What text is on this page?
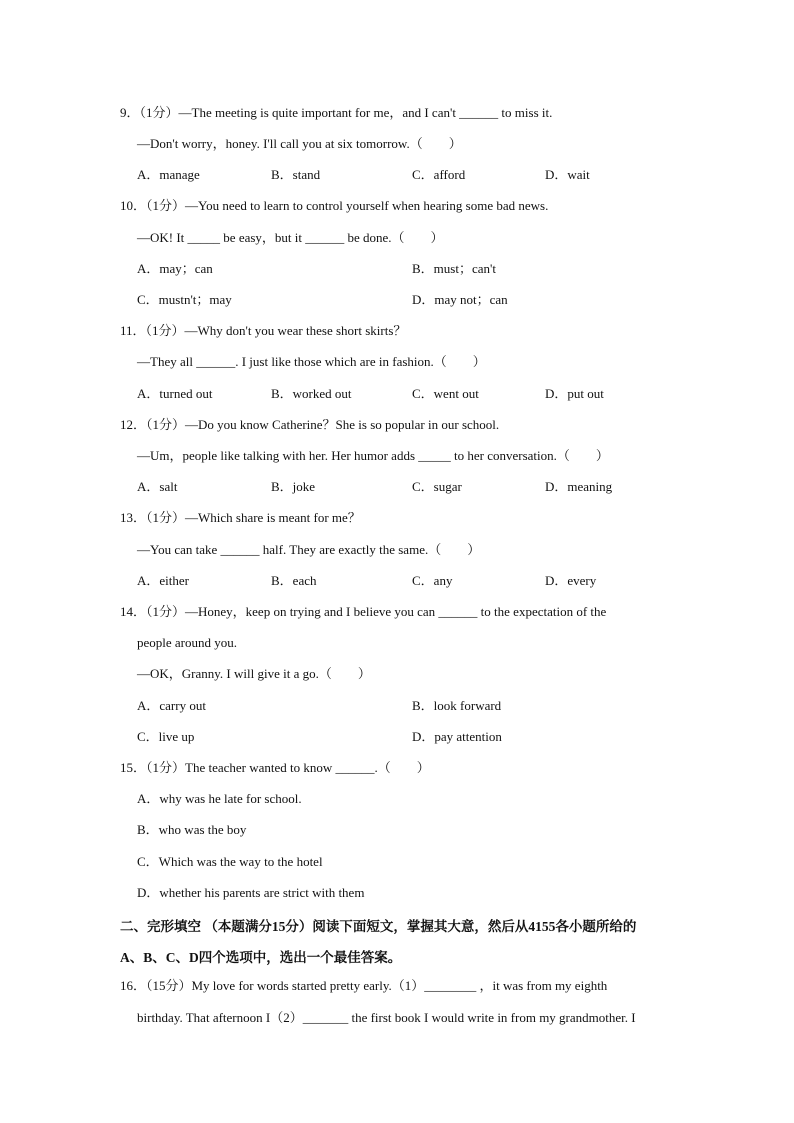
9．（1分）—The meeting is quite important for me，and I can't ______ to miss it.
—Don't worry，honey. I'll call you at six tomorrow.（　　）
A．manage	B．stand	C．afford	D．wait
10．（1分）—You need to learn to control yourself when hearing some bad news.
—OK! It _____ be easy，but it ______ be done.（　　）
A．may；can	B．must；can't
C．mustn't；may	D．may not；can
11．（1分）—Why don't you wear these short skirts？
—They all ______. I just like those which are in fashion.（　　）
A．turned out	B．worked out	C．went out	D．put out
12．（1分）—Do you know Catherine？She is so popular in our school.
—Um，people like talking with her. Her humor adds _____ to her conversation.（　　）
A．salt	B．joke	C．sugar	D．meaning
13．（1分）—Which share is meant for me？
—You can take ______ half. They are exactly the same.（　　）
A．either	B．each	C．any	D．every
14．（1分）—Honey，keep on trying and I believe you can ______ to the expectation of the
people around you.
—OK，Granny. I will give it a go.（　　）
A．carry out	B．look forward
C．live up	D．pay attention
15．（1分）The teacher wanted to know ______.（　　）
A．why was he late for school.
B．who was the boy
C．Which was the way to the hotel
D．whether his parents are strict with them
二、完形填空 （本题满分15分）阅读下面短文，掌握其大意，然后从4155各小题所给的
A、B、C、D四个选项中，选出一个最佳答案。
16．（15分）My love for words started pretty early.（1）________ ，it was from my eighth
birthday. That afternoon I（2）_______ the first book I would write in from my grandmother. I
